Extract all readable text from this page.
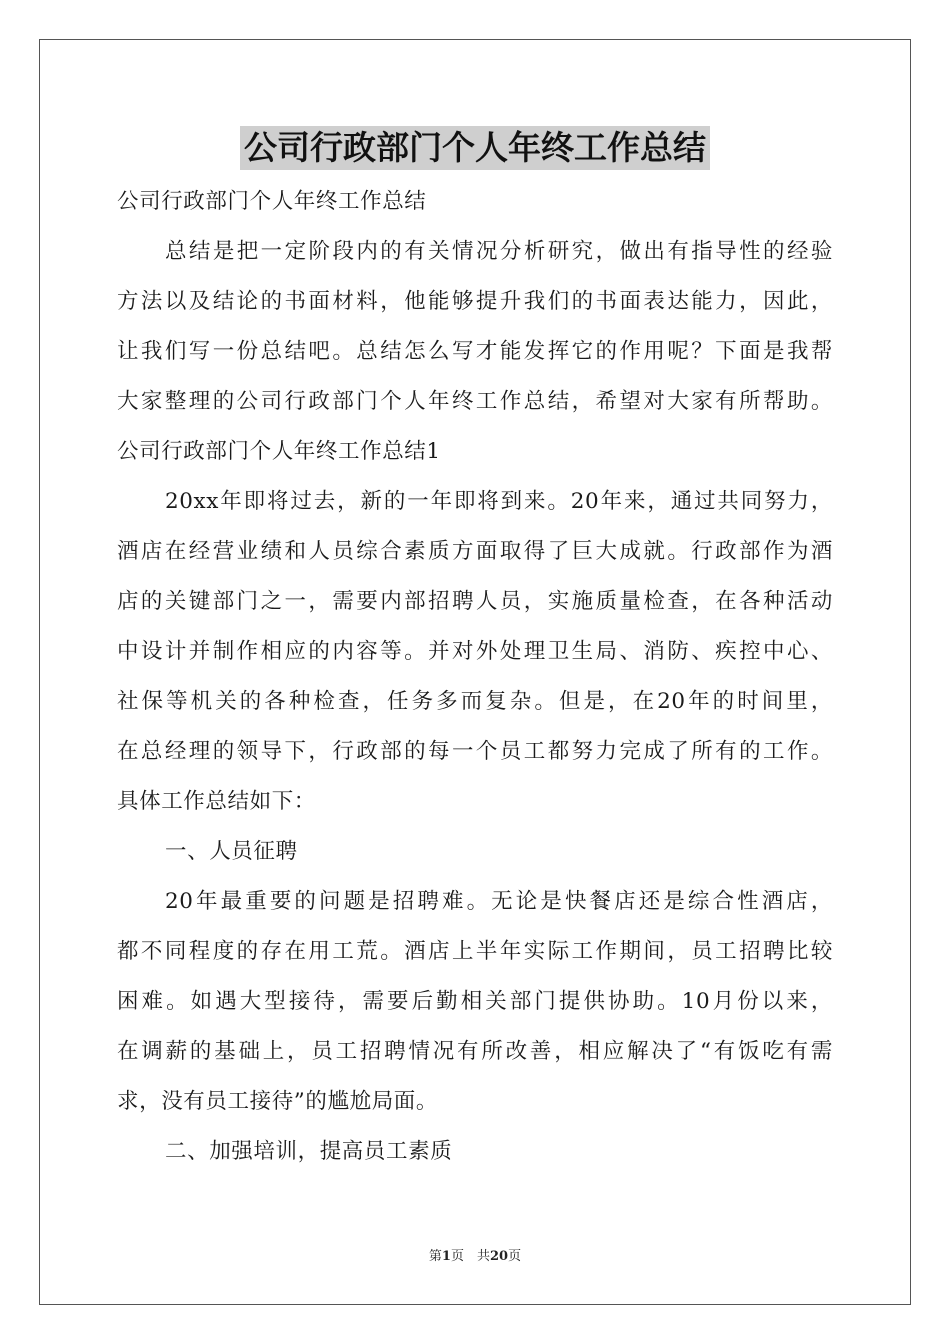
公司行政部门个人年终工作总结
公司行政部门个人年终工作总结
总结是把一定阶段内的有关情况分析研究，做出有指导性的经验
方法以及结论的书面材料，他能够提升我们的书面表达能力，因此，
让我们写一份总结吧。总结怎么写才能发挥它的作用呢？下面是我帮
大家整理的公司行政部门个人年终工作总结，希望对大家有所帮助。
公司行政部门个人年终工作总结1
20xx年即将过去，新的一年即将到来。20年来，通过共同努力，
酒店在经营业绩和人员综合素质方面取得了巨大成就。行政部作为酒
店的关键部门之一，需要内部招聘人员，实施质量检查，在各种活动
中设计并制作相应的内容等。并对外处理卫生局、消防、疾控中心、
社保等机关的各种检查，任务多而复杂。但是，在20年的时间里，
在总经理的领导下，行政部的每一个员工都努力完成了所有的工作。
具体工作总结如下：
一、人员征聘
20年最重要的问题是招聘难。无论是快餐店还是综合性酒店，
都不同程度的存在用工荒。酒店上半年实际工作期间，员工招聘比较
困难。如遇大型接待，需要后勤相关部门提供协助。10月份以来，
在调薪的基础上，员工招聘情况有所改善，相应解决了“有饭吃有需
求，没有员工接待”的尴尬局面。
二、加强培训，提高员工素质
第1页　共20页
